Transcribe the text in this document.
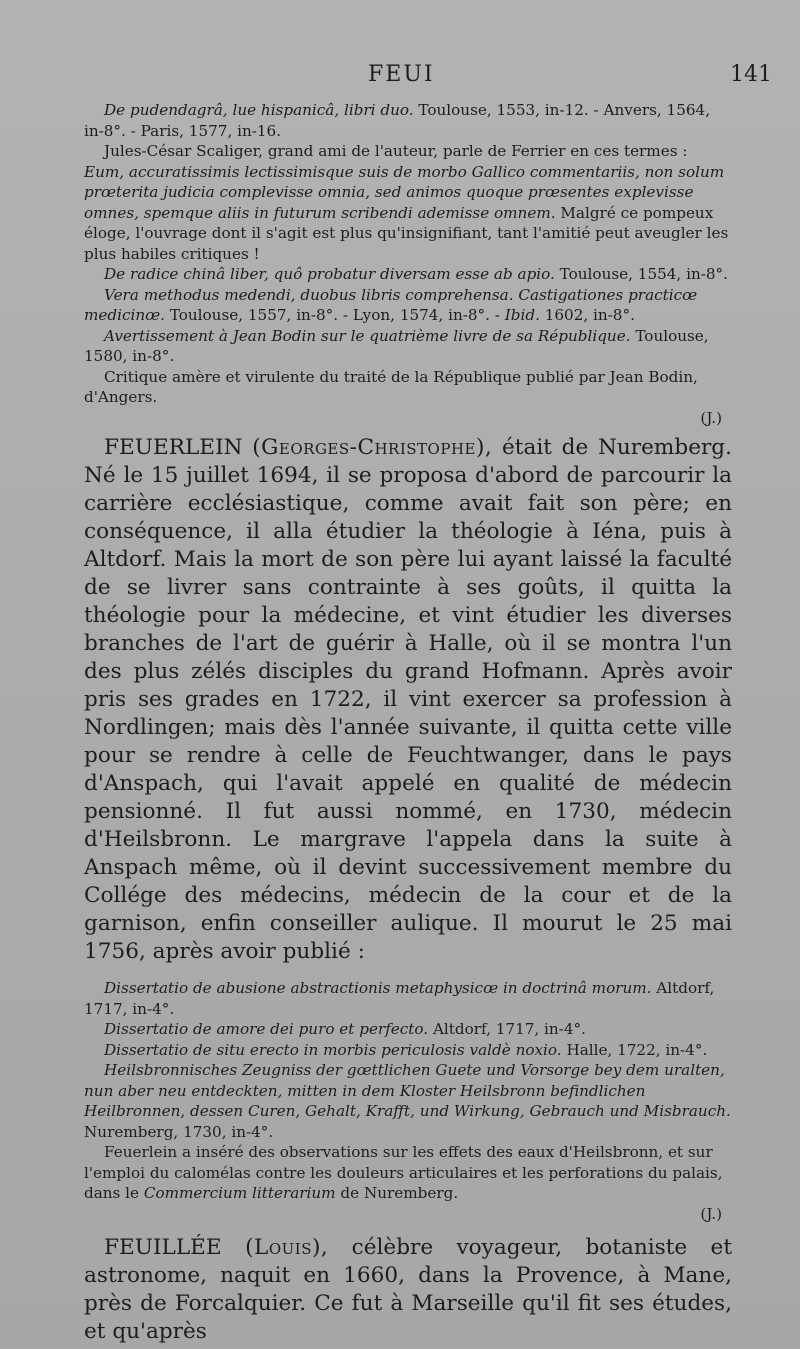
FEUI	141

De pudendagrâ, lue hispanicâ, libri duo. Toulouse, 1553, in-12. - Anvers, 1564, in-8°. - Paris, 1577, in-16.

Jules-César Scaliger, grand ami de l'auteur, parle de Ferrier en ces termes : Eum, accuratissimis lectissimisque suis de morbo Gallico commentariis, non solum prœterita judicia complevisse omnia, sed animos quoque prœsentes explevisse omnes, spemque aliis in futurum scribendi ademisse omnem. Malgré ce pompeux éloge, l'ouvrage dont il s'agit est plus qu'insignifiant, tant l'amitié peut aveugler les plus habiles critiques !

De radice chinâ liber, quô probatur diversam esse ab apio. Toulouse, 1554, in-8°.

Vera methodus medendi, duobus libris comprehensa. Castigationes practicœ medicinœ. Toulouse, 1557, in-8°. - Lyon, 1574, in-8°. - Ibid. 1602, in-8°.

Avertissement à Jean Bodin sur le quatrième livre de sa République. Toulouse, 1580, in-8°.

Critique amère et virulente du traité de la République publié par Jean Bodin, d'Angers.

(J.)

FEUERLEIN (Georges-Christophe), était de Nuremberg. Né le 15 juillet 1694, il se proposa d'abord de parcourir la carrière ecclésiastique, comme avait fait son père; en conséquence, il alla étudier la théologie à Iéna, puis à Altdorf. Mais la mort de son père lui ayant laissé la faculté de se livrer sans contrainte à ses goûts, il quitta la théologie pour la médecine, et vint étudier les diverses branches de l'art de guérir à Halle, où il se montra l'un des plus zélés disciples du grand Hofmann. Après avoir pris ses grades en 1722, il vint exercer sa profession à Nordlingen; mais dès l'année suivante, il quitta cette ville pour se rendre à celle de Feuchtwanger, dans le pays d'Anspach, qui l'avait appelé en qualité de médecin pensionné. Il fut aussi nommé, en 1730, médecin d'Heilsbronn. Le margrave l'appela dans la suite à Anspach même, où il devint successivement membre du Collége des médecins, médecin de la cour et de la garnison, enfin conseiller aulique. Il mourut le 25 mai 1756, après avoir publié :

Dissertatio de abusione abstractionis metaphysicœ in doctrinâ morum. Altdorf, 1717, in-4°.

Dissertatio de amore dei puro et perfecto. Altdorf, 1717, in-4°.

Dissertatio de situ erecto in morbis periculosis valdè noxio. Halle, 1722, in-4°.

Heilsbronnisches Zeugniss der gœttlichen Guete und Vorsorge bey dem uralten, nun aber neu entdeckten, mitten in dem Kloster Heilsbronn befindlichen Heilbronnen, dessen Curen, Gehalt, Krafft, und Wirkung, Gebrauch und Misbrauch. Nuremberg, 1730, in-4°.

Feuerlein a inséré des observations sur les effets des eaux d'Heilsbronn, et sur l'emploi du calomélas contre les douleurs articulaires et les perforations du palais, dans le Commercium litterarium de Nuremberg.

(J.)

FEUILLÉE (Louis), célèbre voyageur, botaniste et astronome, naquit en 1660, dans la Provence, à Mane, près de Forcalquier. Ce fut à Marseille qu'il fit ses études, et qu'après
